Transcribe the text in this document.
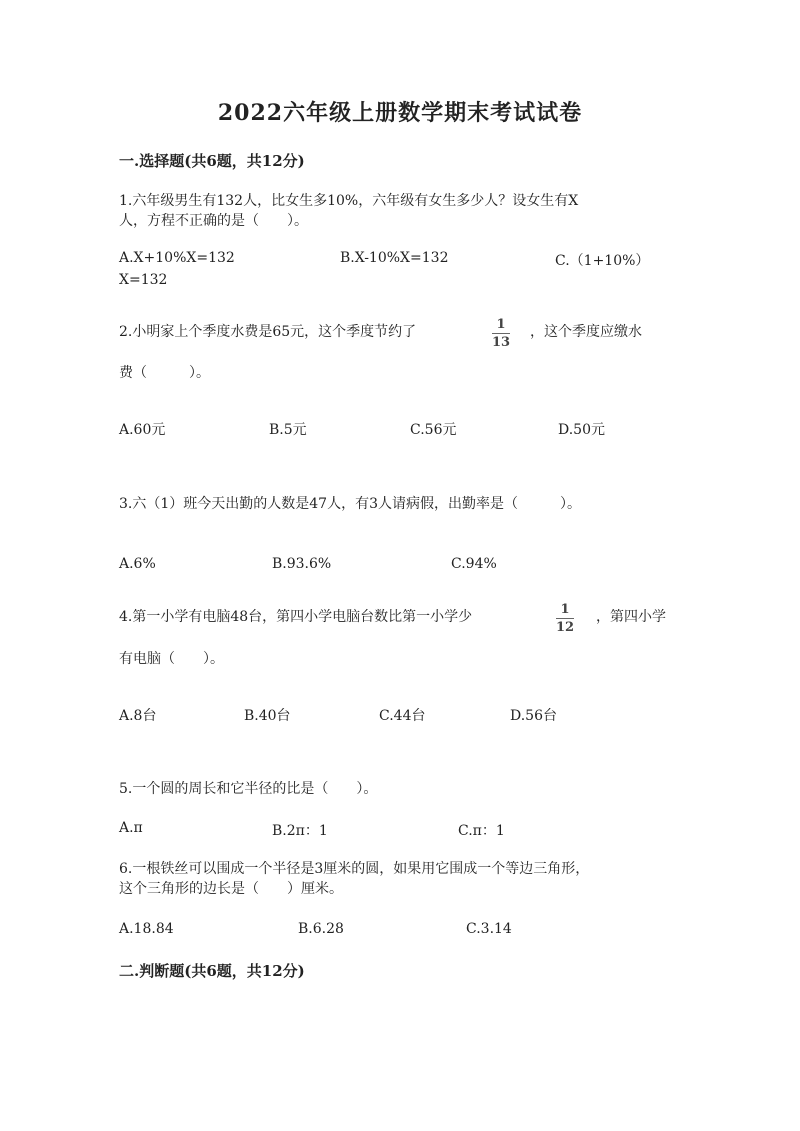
2022六年级上册数学期末考试试卷
一.选择题(共6题，共12分)
1.六年级男生有132人，比女生多10%，六年级有女生多少人？设女生有X
人，方程不正确的是（　　）。
A.X+10%X=132	B.X-10%X=132	C.（1+10%）
X=132
2.小明家上个季度水费是65元，这个季度节约了	1
13
，这个季度应缴水
费（　　　）。
A.60元	B.5元	C.56元	D.50元
3.六（1）班今天出勤的人数是47人，有3人请病假，出勤率是（　　　）。
A.6%	B.93.6%	C.94%
4.第一小学有电脑48台，第四小学电脑台数比第一小学少	1
12
，第四小学
有电脑（　　）。
A.8台	B.40台	C.44台	D.56台
5.一个圆的周长和它半径的比是（　　）。
A.π	B.2π：1	C.π：1
6.一根铁丝可以围成一个半径是3厘米的圆，如果用它围成一个等边三角形，
这个三角形的边长是（　　）厘米。
A.18.84	B.6.28	C.3.14
二.判断题(共6题，共12分)
